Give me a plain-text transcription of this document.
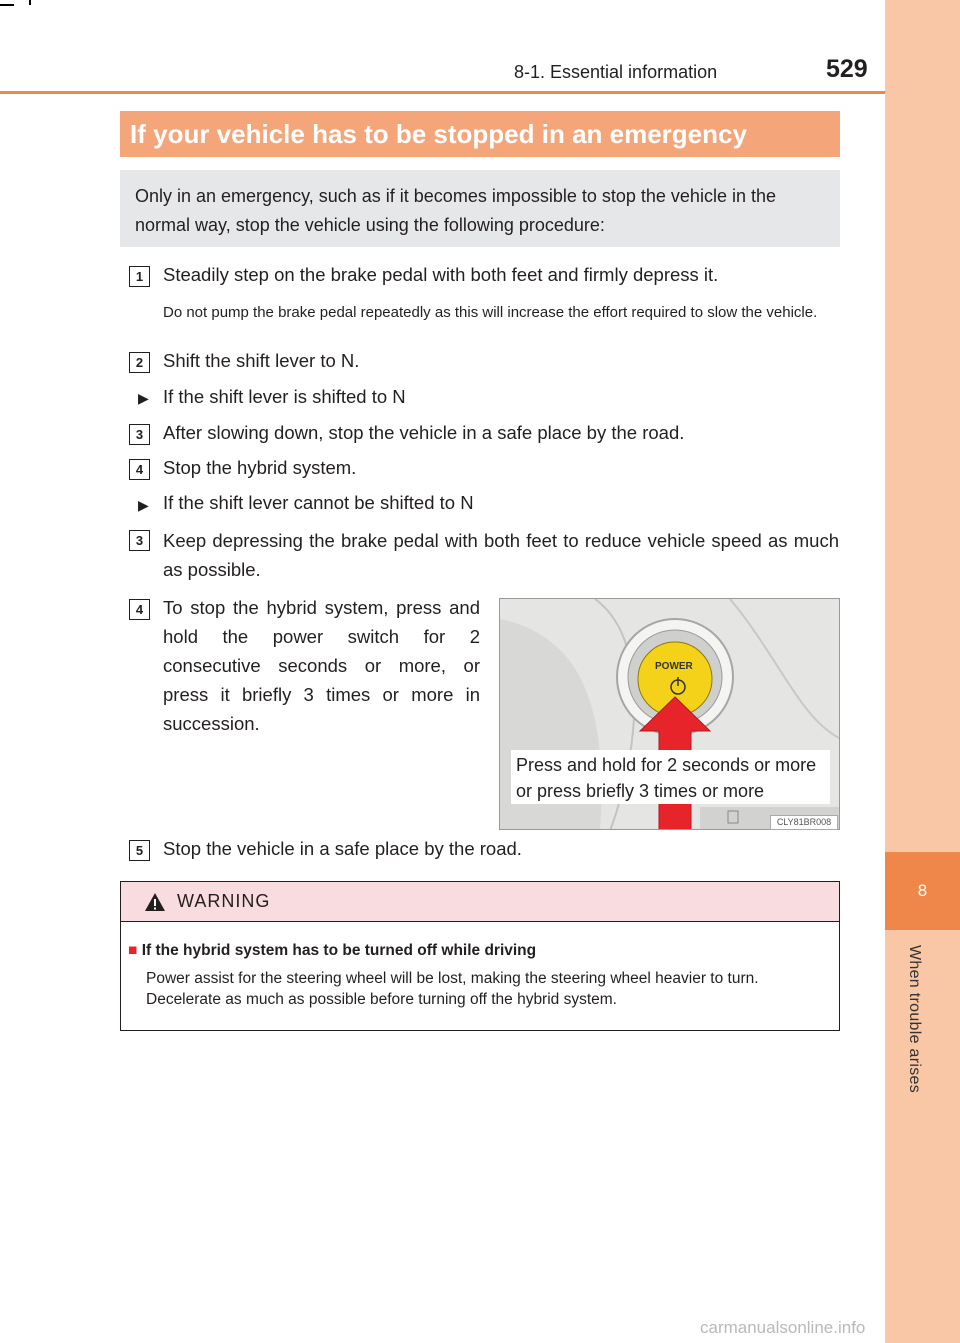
8
When trouble arises
8-1. Essential information	529
If your vehicle has to be stopped in an emergency
Only in an emergency, such as if it becomes impossible to stop the vehicle in the normal way, stop the vehicle using the following procedure:
1	Steadily step on the brake pedal with both feet and firmly depress it.
Do not pump the brake pedal repeatedly as this will increase the effort required to slow the vehicle.
2	Shift the shift lever to N.
▶ If the shift lever is shifted to N
3	After slowing down, stop the vehicle in a safe place by the road.
4	Stop the hybrid system.
▶ If the shift lever cannot be shifted to N
3	Keep depressing the brake pedal with both feet to reduce vehicle speed as much as possible.
4	To stop the hybrid system, press and hold the power switch for 2 consecutive seconds or more, or press it briefly 3 times or more in succession.
POWER
Press and hold for 2 seconds or more
or press briefly 3 times or more
CLY81BR008
5	Stop the vehicle in a safe place by the road.
WARNING
■ If the hybrid system has to be turned off while driving
Power assist for the steering wheel will be lost, making the steering wheel heavier to turn. Decelerate as much as possible before turning off the hybrid system.
carmanualsonline.info
